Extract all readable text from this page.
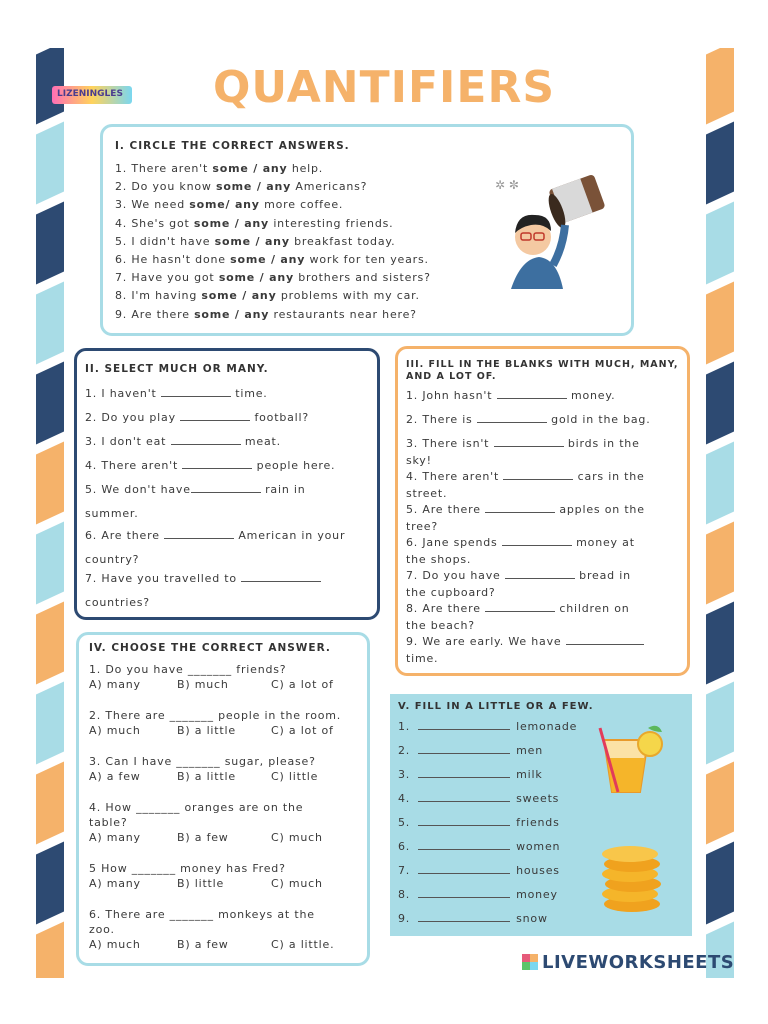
LIZENINGLES	QUANTIFIERS
I. CIRCLE THE CORRECT ANSWERS.
1. There aren't some / any help.
2. Do you know some / any Americans?
3. We need some/ any more coffee.
4. She's got some / any interesting friends.
5. I didn't have some / any breakfast today.
6. He hasn't done some / any work for ten years.
7. Have you got some / any brothers and sisters?
8. I'm having some / any problems with my car.
9. Are there some / any restaurants near here?
✲ ✼
II. SELECT MUCH OR MANY.
1. I haven't	time.
2. Do you play	football?
3. I don't eat	meat.
4. There aren't	people here.
5. We don't have	rain in
summer.
6. Are there	American in your
country?
7. Have you travelled to
countries?
III. FILL IN THE BLANKS WITH MUCH, MANY,
AND A LOT OF.
1. John hasn't	money.
2. There is	gold in the bag.
3. There isn't	birds in the
sky!
4. There aren't	cars in the
street.
5. Are there	apples on the
tree?
6. Jane spends	money at
the shops.
7. Do you have	bread in
the cupboard?
8. Are there	children on
the beach?
9. We are early. We have
time.
IV. CHOOSE THE CORRECT ANSWER.
1. Do you have _______ friends?
A) many	B) much	C) a lot of
2. There are _______ people in the room.
A) much	B) a little	C) a lot of
3. Can I have _______ sugar, please?
A) a few	B) a little	C) little
4. How _______ oranges are on the
table?
A) many	B) a few	C) much
5 How _______ money has Fred?
A) many	B) little	C) much
6. There are _______ monkeys at the
zoo.
A) much	B) a few	C) a little.
V. FILL IN A LITTLE OR A FEW.
1.	lemonade
2.	men
3.	milk
4.	sweets
5.	friends
6.	women
7.	houses
8.	money
9.	snow
LIVEWORKSHEETS
